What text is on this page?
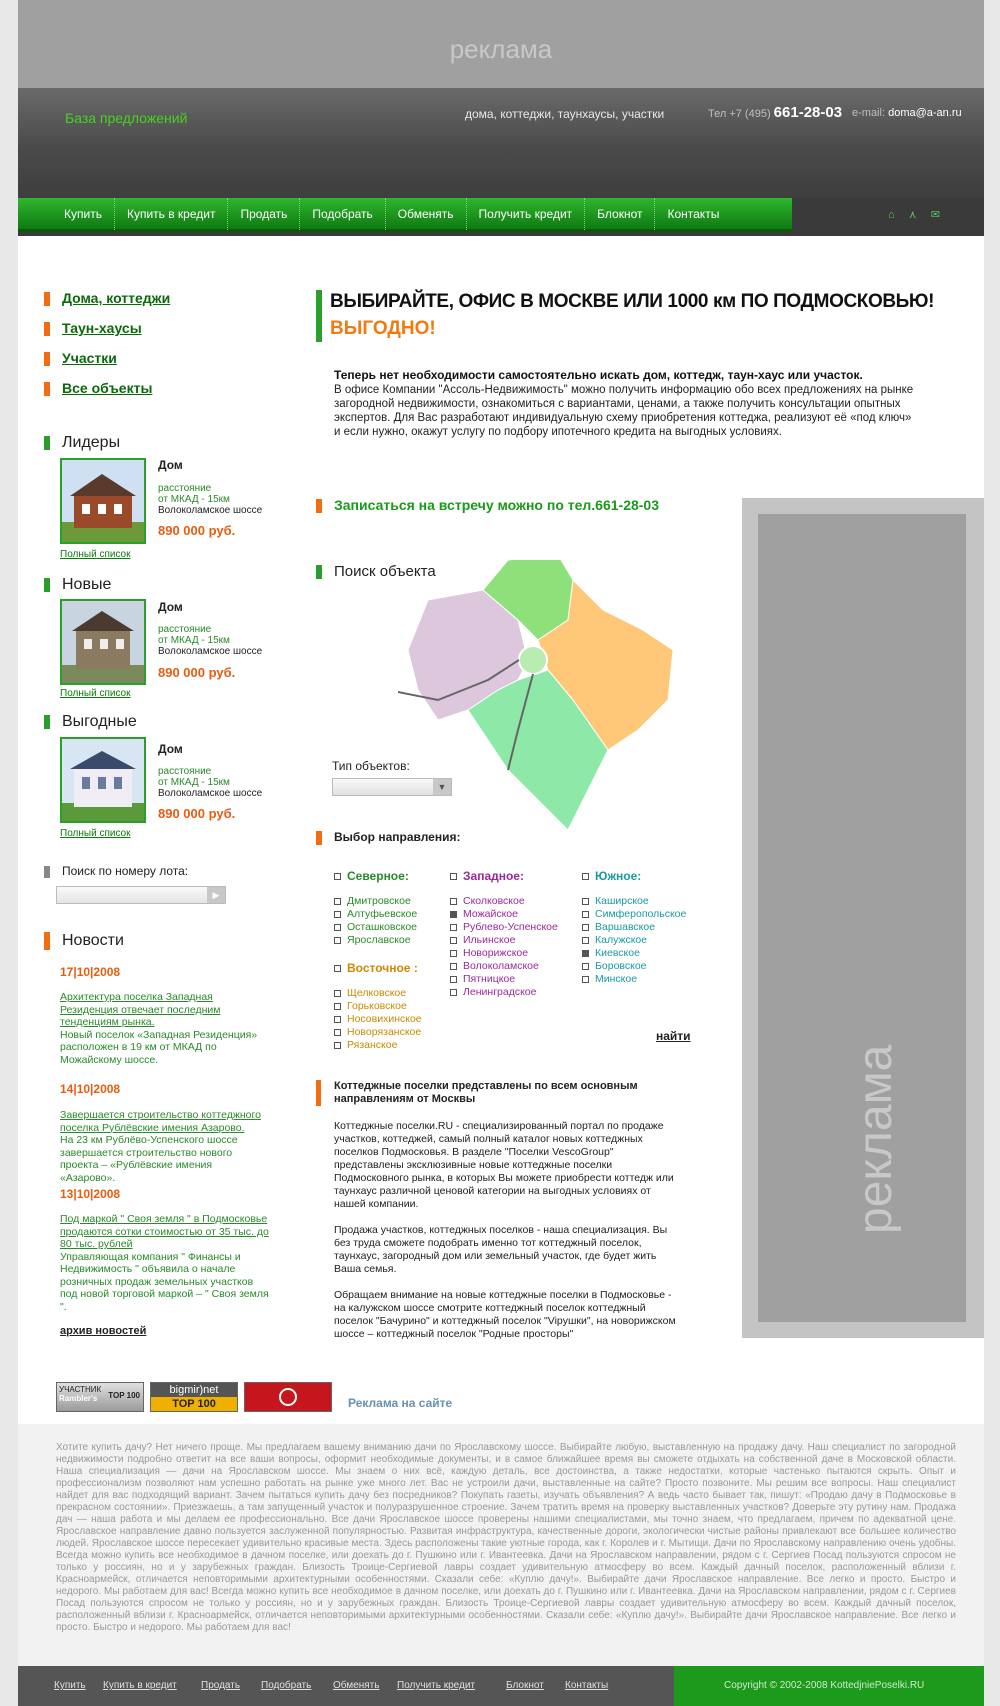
реклама
База предложений	дома, коттеджи, таунхаусы, участки	Тел +7 (495) 661-28-03 e-mail: doma@a-an.ru
Купить	Купить в кредит	Продать	Подобрать	Обменять	Получить кредит	Блокнот	Контакты	⌂⋏✉
Дома, коттеджи
Таун-хаусы
Участки
Все объекты
Лидеры
Дом
расстояние
от МКАД - 15км
Волоколамское шоссе
890 000 руб.
Полный список
Новые
Дом
расстояние
от МКАД - 15км
Волоколамское шоссе
890 000 руб.
Полный список
Выгодные
Дом
расстояние
от МКАД - 15км
Волоколамское шоссе
890 000 руб.
Полный список
Поиск по номеру лота:
▶
Новости
17|10|2008
Архитектура поселка Западная Резиденция отвечает последним тенденциям рынка.
Новый поселок «Западная Резиденция» расположен в 19 км от МКАД по Можайскому шоссе.
14|10|2008
Завершается строительство коттеджного поселка Рублёвские имения Азарово.
На 23 км Рублёво-Успенского шоссе завершается строительство нового проекта – «Рублёвские имения «Азарово».
13|10|2008
Под маркой " Своя земля " в Подмосковье продаются сотки стоимостью от 35 тыс. до 80 тыс. рублей
Управляющая компания " Финансы и Недвижимость " объявила о начале розничных продаж земельных участков под новой торговой маркой – " Своя земля ".
архив новостей
ВЫБИРАЙТЕ, ОФИС В МОСКВЕ ИЛИ 1000 км ПО ПОДМОСКОВЬЮ!
ВЫГОДНО!
Теперь нет необходимости самостоятельно искать дом, коттедж, таун-хаус или участок.
В офисе Компании "Ассоль-Недвижимость" можно получить информацию обо всех предложениях на рынке загородной недвижимости, ознакомиться с вариантами, ценами, а также получить консультации опытных экспертов. Для Вас разработают индивидуальную схему приобретения коттеджа, реализуют её «под ключ» и если нужно, окажут услугу по подбору ипотечного кредита на выгодных условиях.
Записаться на встречу можно по тел.661-28-03
Поиск объекта
Тип объектов:
▼
Выбор направления:
Северное:
Дмитровское
Алтуфьевское
Осташковское
Ярославское
Восточное :
Щелковское
Горьковское
Носовихинское
Новорязанское
Рязанское
Западное:
Сколковское
Можайское
Рублево-Успенское
Ильинское
Новорижское
Волоколамское
Пятницкое
Ленинградское
Южное:
Каширское
Симферопольское
Варшавское
Калужское
Киевское
Боровское
Минское
найти
Коттеджные поселки представлены по всем основным направлениям от Москвы

Коттеджные поселки.RU - специализированный портал по продаже участков, коттеджей, самый полный каталог новых коттеджных поселков Подмосковья. В разделе "Поселки VescoGroup" представлены эксклюзивные новые коттеджные поселки Подмосковного рынка, в которых Вы можете приобрести коттедж или таунхаус различной ценовой категории на выгодных условиях от нашей компании.

Продажа участков, коттеджных поселков - наша специализация. Вы без труда сможете подобрать именно тот коттеджный поселок, таунхаус, загородный дом или земельный участок, где будет жить Ваша семья.

Обращаем внимание на новые коттеджные поселки в Подмосковье - на калужском шоссе смотрите коттеджный поселок коттеджный поселок "Бачурино" и коттеджный поселок "Vipушки", на новорижском шоссе – коттеджный поселок "Родные просторы"

реклама
УЧАСТНИК
Rambler's	TOP 100	bigmir)net
TOP 100	Реклама на сайте
Хотите купить дачу? Нет ничего проще. Мы предлагаем вашему вниманию дачи по Ярославскому шоссе. Выбирайте любую, выставленную на продажу дачу. Наш специалист по загородной недвижимости подробно ответит на все ваши вопросы, оформит необходимые документы, и в самое ближайшее время вы сможете отдыхать на собственной даче в Московской области. Наша специализация — дачи на Ярославском шоссе. Мы знаем о них всё, каждую деталь, все достоинства, а также недостатки, которые частенько пытаются скрыть. Опыт и профессионализм позволяют нам успешно работать на рынке уже много лет. Вас не устроили дачи, выставленные на сайте? Просто позвоните. Мы решим все вопросы. Наш специалист найдет для вас подходящий вариант. Зачем пытаться купить дачу без посредников? Покупать газеты, изучать объявления? А ведь часто бывает так, пишут: «Продаю дачу в Подмосковье в прекрасном состоянии». Приезжаешь, а там запущенный участок и полуразрушенное строение. Зачем тратить время на проверку выставленных участков? Доверьте эту рутину нам. Продажа дач — наша работа и мы делаем ее профессионально. Все дачи Ярославское шоссе проверены нашими специалистами, мы точно знаем, что предлагаем, причем по адекватной цене. Ярославское направление давно пользуется заслуженной популярностью. Развитая инфраструктура, качественные дороги, экологически чистые районы привлекают все большее количество людей. Ярославское шоссе пересекает удивительно красивые места. Здесь расположены такие уютные города, как г. Королев и г. Мытищи. Дачи по Ярославскому направлению очень удобны. Всегда можно купить все необходимое в дачном поселке, или доехать до г. Пушкино или г. Ивантеевка. Дачи на Ярославском направлении, рядом с г. Сергиев Посад пользуются спросом не только у россиян, но и у зарубежных граждан. Близость Троице-Сергиевой лавры создает удивительную атмосферу во всем. Каждый дачный поселок, расположенный вблизи г. Красноармейск, отличается неповторимыми архитектурными особенностями. Сказали себе: «Куплю дачу!». Выбирайте дачи Ярославское направление. Все легко и просто. Быстро и недорого. Мы работаем для вас! Всегда можно купить все необходимое в дачном поселке, или доехать до г. Пушкино или г. Ивантеевка. Дачи на Ярославском направлении, рядом с г. Сергиев Посад пользуются спросом не только у россиян, но и у зарубежных граждан. Близость Троице-Сергиевой лавры создает удивительную атмосферу во всем. Каждый дачный поселок, расположенный вблизи г. Красноармейск, отличается неповторимыми архитектурными особенностями. Сказали себе: «Куплю дачу!». Выбирайте дачи Ярославское направление. Все легко и просто. Быстро и недорого. Мы работаем для вас!
Купить Купить в кредит Продать Подобрать Обменять Получить кредит	Блокнот Контакты	Copyright © 2002-2008 KottedjniePoselki.RU
